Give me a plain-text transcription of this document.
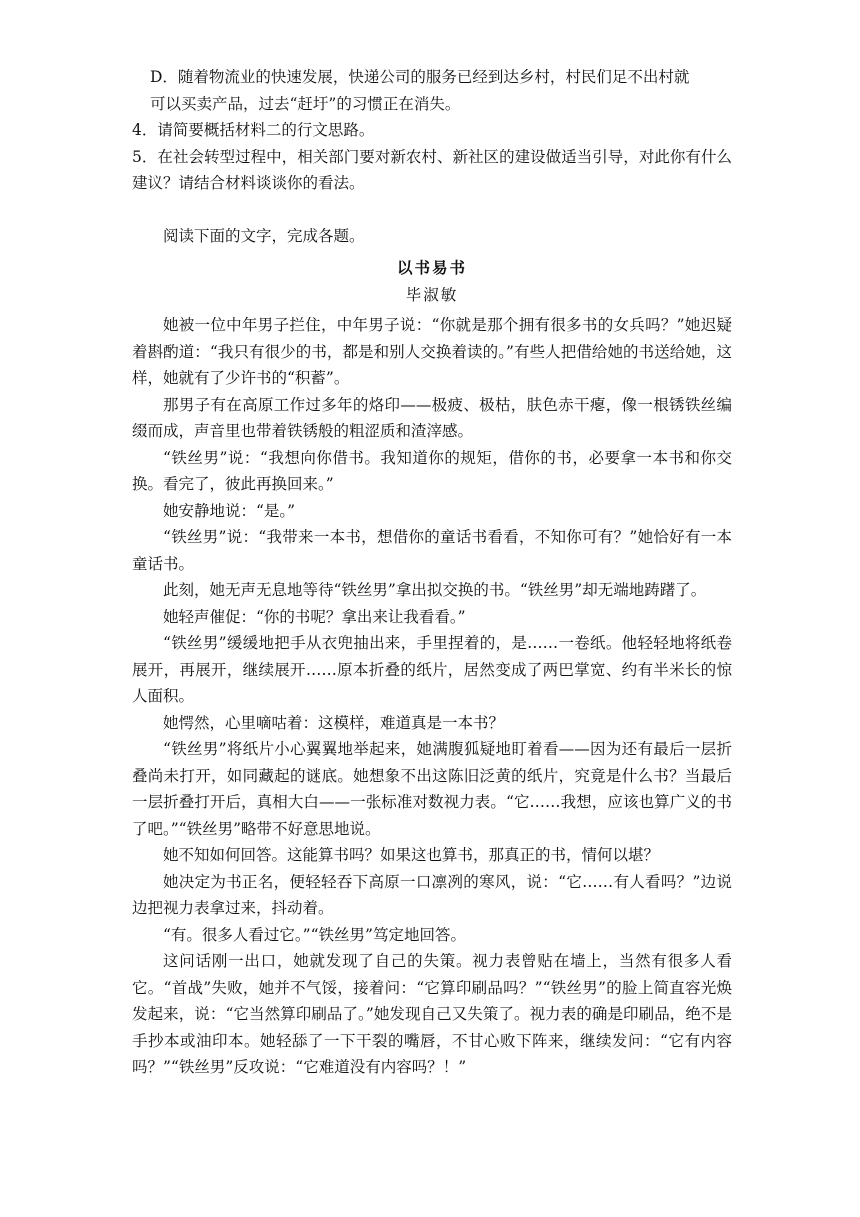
D．随着物流业的快速发展，快递公司的服务已经到达乡村，村民们足不出村就

可以买卖产品，过去“赶圩”的习惯正在消失。

4．请简要概括材料二的行文思路。

5．在社会转型过程中，相关部门要对新农村、新社区的建设做适当引导，对此你有什么建议？请结合材料谈谈你的看法。

阅读下面的文字，完成各题。

以书易书

毕淑敏

她被一位中年男子拦住，中年男子说：“你就是那个拥有很多书的女兵吗？”她迟疑着斟酌道：“我只有很少的书，都是和别人交换着读的。”有些人把借给她的书送给她，这样，她就有了少许书的“积蓄”。

那男子有在高原工作过多年的烙印——极疲、极枯，肤色赤干瘪，像一根锈铁丝编缀而成，声音里也带着铁锈般的粗涩质和渣滓感。

“铁丝男”说：“我想向你借书。我知道你的规矩，借你的书，必要拿一本书和你交换。看完了，彼此再换回来。”

她安静地说：“是。”

“铁丝男”说：“我带来一本书，想借你的童话书看看，不知你可有？”她恰好有一本童话书。

此刻，她无声无息地等待“铁丝男”拿出拟交换的书。“铁丝男”却无端地踌躇了。

她轻声催促：“你的书呢？拿出来让我看看。”

“铁丝男”缓缓地把手从衣兜抽出来，手里捏着的，是……一卷纸。他轻轻地将纸卷展开，再展开，继续展开……原本折叠的纸片，居然变成了两巴掌宽、约有半米长的惊人面积。

她愕然，心里嘀咕着：这模样，难道真是一本书？

“铁丝男”将纸片小心翼翼地举起来，她满腹狐疑地盯着看——因为还有最后一层折叠尚未打开，如同藏起的谜底。她想象不出这陈旧泛黄的纸片，究竟是什么书？当最后一层折叠打开后，真相大白——一张标准对数视力表。“它……我想，应该也算广义的书了吧。”“铁丝男”略带不好意思地说。

她不知如何回答。这能算书吗？如果这也算书，那真正的书，情何以堪？

她决定为书正名，便轻轻吞下高原一口凛冽的寒风，说：“它……有人看吗？”边说边把视力表拿过来，抖动着。

“有。很多人看过它。”“铁丝男”笃定地回答。

这问话刚一出口，她就发现了自己的失策。视力表曾贴在墙上，当然有很多人看它。“首战”失败，她并不气馁，接着问：“它算印刷品吗？”“铁丝男”的脸上简直容光焕发起来，说：“它当然算印刷品了。”她发现自己又失策了。视力表的确是印刷品，绝不是手抄本或油印本。她轻舔了一下干裂的嘴唇，不甘心败下阵来，继续发问：“它有内容吗？”“铁丝男”反攻说：“它难道没有内容吗？！”
